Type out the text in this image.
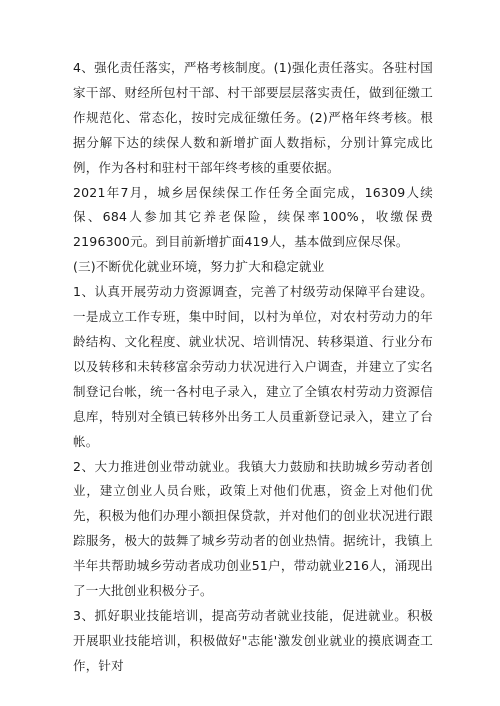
4、强化责任落实，严格考核制度。(1)强化责任落实。各驻村国家干部、财经所包村干部、村干部要层层落实责任，做到征缴工作规范化、常态化，按时完成征缴任务。(2)严格年终考核。根据分解下达的续保人数和新增扩面人数指标，分别计算完成比例，作为各村和驻村干部年终考核的重要依据。

2021年7月，城乡居保续保工作任务全面完成，16309人续保、684人参加其它养老保险，续保率100%，收缴保费2196300元。到目前新增扩面419人，基本做到应保尽保。

(三)不断优化就业环境，努力扩大和稳定就业

1、认真开展劳动力资源调查，完善了村级劳动保障平台建设。一是成立工作专班，集中时间，以村为单位，对农村劳动力的年龄结构、文化程度、就业状况、培训情况、转移渠道、行业分布以及转移和未转移富余劳动力状况进行入户调查，并建立了实名制登记台帐，统一各村电子录入，建立了全镇农村劳动力资源信息库，特别对全镇已转移外出务工人员重新登记录入，建立了台帐。

2、大力推进创业带动就业。我镇大力鼓励和扶助城乡劳动者创业，建立创业人员台账，政策上对他们优惠，资金上对他们优先，积极为他们办理小额担保贷款，并对他们的创业状况进行跟踪服务，极大的鼓舞了城乡劳动者的创业热情。据统计，我镇上半年共帮助城乡劳动者成功创业51户，带动就业216人，涌现出了一大批创业积极分子。

3、抓好职业技能培训，提高劳动者就业技能，促进就业。积极开展职业技能培训，积极做好"志能'激发创业就业的摸底调查工作，针对
